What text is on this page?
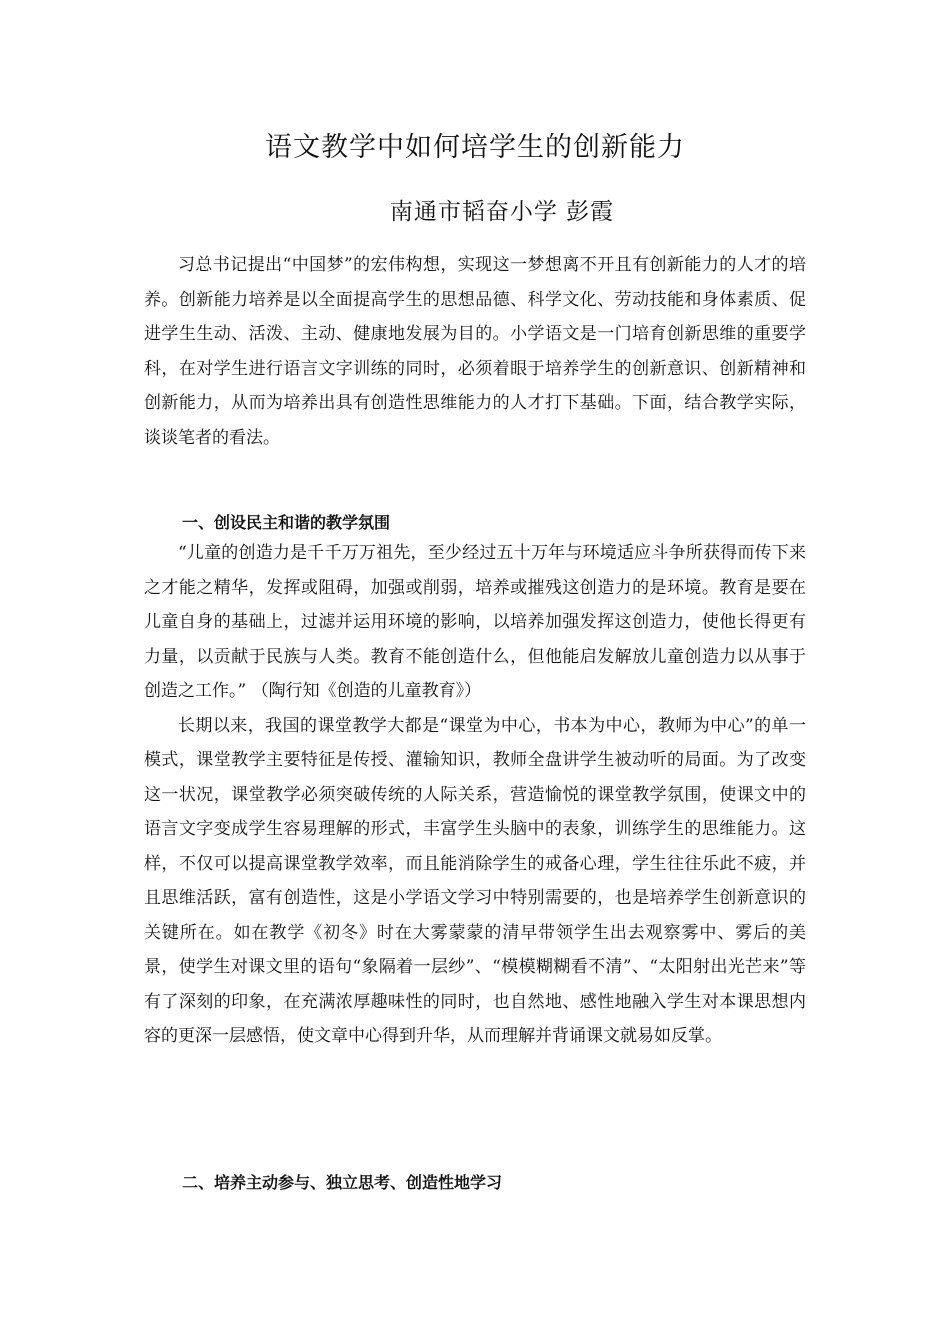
语文教学中如何培学生的创新能力
南通市韬奋小学 彭霞

习总书记提出“中国梦”的宏伟构想，实现这一梦想离不开且有创新能力的人才的培养。创新能力培养是以全面提高学生的思想品德、科学文化、劳动技能和身体素质、促进学生生动、活泼、主动、健康地发展为目的。小学语文是一门培育创新思维的重要学科，在对学生进行语言文字训练的同时，必须着眼于培养学生的创新意识、创新精神和创新能力，从而为培养出具有创造性思维能力的人才打下基础。下面，结合教学实际，谈谈笔者的看法。

一、创设民主和谐的教学氛围

“儿童的创造力是千千万万祖先，至少经过五十万年与环境适应斗争所获得而传下来之才能之精华，发挥或阻碍，加强或削弱，培养或摧残这创造力的是环境。教育是要在儿童自身的基础上，过滤并运用环境的影响，以培养加强发挥这创造力，使他长得更有力量，以贡献于民族与人类。教育不能创造什么，但他能启发解放儿童创造力以从事于创造之工作。” （陶行知《创造的儿童教育》）

长期以来，我国的课堂教学大都是“课堂为中心，书本为中心，教师为中心”的单一模式，课堂教学主要特征是传授、灌输知识，教师全盘讲学生被动听的局面。为了改变这一状况，课堂教学必须突破传统的人际关系，营造愉悦的课堂教学氛围，使课文中的语言文字变成学生容易理解的形式，丰富学生头脑中的表象，训练学生的思维能力。这样，不仅可以提高课堂教学效率，而且能消除学生的戒备心理，学生往往乐此不疲，并且思维活跃，富有创造性，这是小学语文学习中特别需要的，也是培养学生创新意识的关键所在。如在教学《初冬》时在大雾蒙蒙的清早带领学生出去观察雾中、雾后的美景，使学生对课文里的语句“象隔着一层纱”、“模模糊糊看不清”、“太阳射出光芒来”等有了深刻的印象，在充满浓厚趣味性的同时，也自然地、感性地融入学生对本课思想内容的更深一层感悟，使文章中心得到升华，从而理解并背诵课文就易如反掌。

二、培养主动参与、独立思考、创造性地学习
